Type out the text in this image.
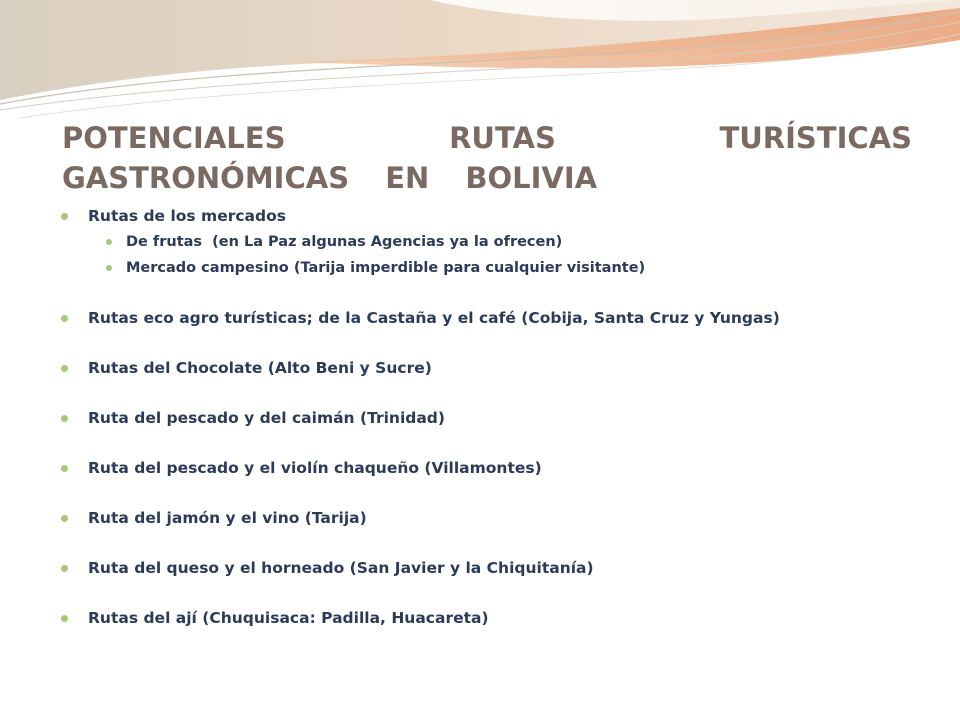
POTENCIALES	RUTAS	TURÍSTICAS
GASTRONÓMICAS EN BOLIVIA
Rutas de los mercados
De frutas  (en La Paz algunas Agencias ya la ofrecen)
Mercado campesino (Tarija imperdible para cualquier visitante)
Rutas eco agro turísticas; de la Castaña y el café (Cobija, Santa Cruz y Yungas)
Rutas del Chocolate (Alto Beni y Sucre)
Ruta del pescado y del caimán (Trinidad)
Ruta del pescado y el violín chaqueño (Villamontes)
Ruta del jamón y el vino (Tarija)
Ruta del queso y el horneado (San Javier y la Chiquitanía)
Rutas del ají (Chuquisaca: Padilla, Huacareta)
